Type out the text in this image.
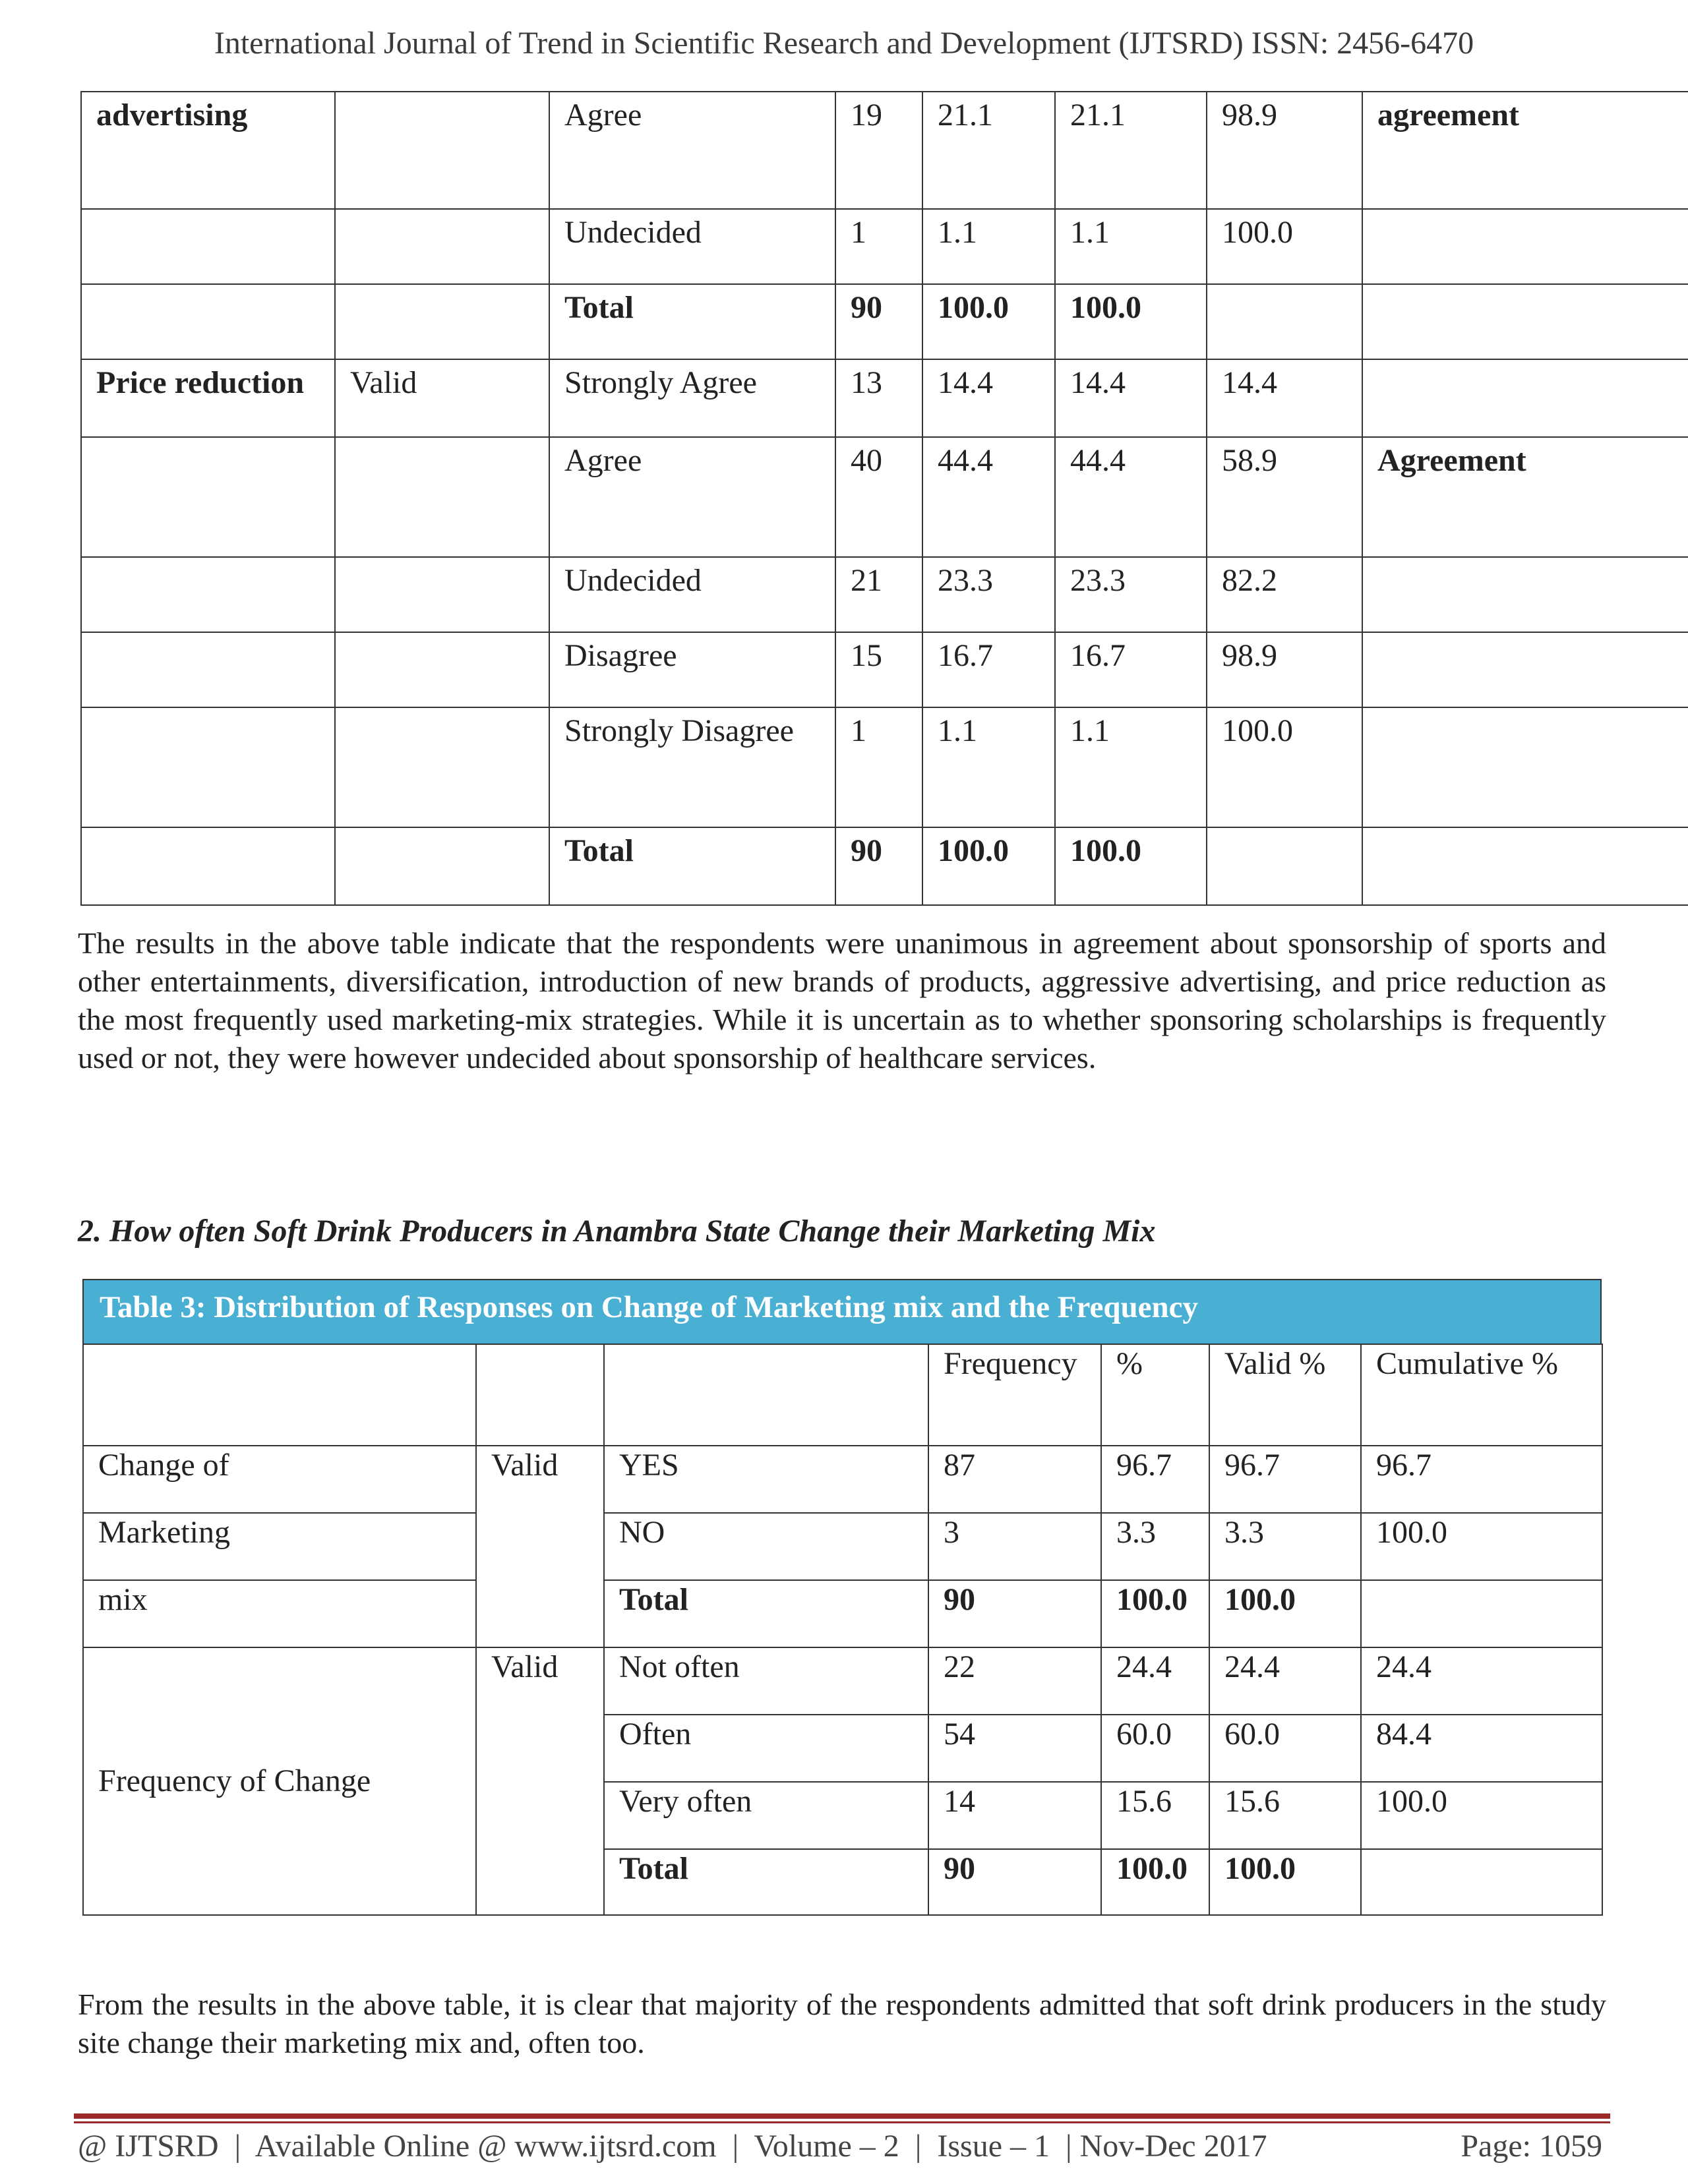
International Journal of Trend in Scientific Research and Development (IJTSRD) ISSN: 2456-6470
advertising		Agree	19	21.1	21.1	98.9	agreement
		Undecided	1	1.1	1.1	100.0	
		Total	90	100.0	100.0		
Price reduction	Valid	Strongly Agree	13	14.4	14.4	14.4	
		Agree	40	44.4	44.4	58.9	Agreement
		Undecided	21	23.3	23.3	82.2	
		Disagree	15	16.7	16.7	98.9	
		Strongly Disagree	1	1.1	1.1	100.0	
		Total	90	100.0	100.0		

The results in the above table indicate that the respondents were unanimous in agreement about sponsorship of sports and other entertainments, diversification, introduction of new brands of products, aggressive advertising, and price reduction as the most frequently used marketing-mix strategies. While it is uncertain as to whether sponsoring scholarships is frequently used or not, they were however undecided about sponsorship of healthcare services.

2. How often Soft Drink Producers in Anambra State Change their Marketing Mix
Table 3: Distribution of Responses on Change of Marketing mix and the Frequency
			Frequency	%	Valid %	Cumulative %
Change of	Valid	YES	87	96.7	96.7	96.7
Marketing		NO	3	3.3	3.3	100.0
mix		Total	90	100.0	100.0	
Frequency of Change	Valid	Not often	22	24.4	24.4	24.4
		Often	54	60.0	60.0	84.4
		Very often	14	15.6	15.6	100.0
		Total	90	100.0	100.0	

From the results in the above table, it is clear that majority of the respondents admitted that soft drink producers in the study site change their marketing mix and, often too.

@ IJTSRD  |  Available Online @ www.ijtsrd.com  |  Volume – 2  |  Issue – 1  | Nov-Dec 2017	Page: 1059
